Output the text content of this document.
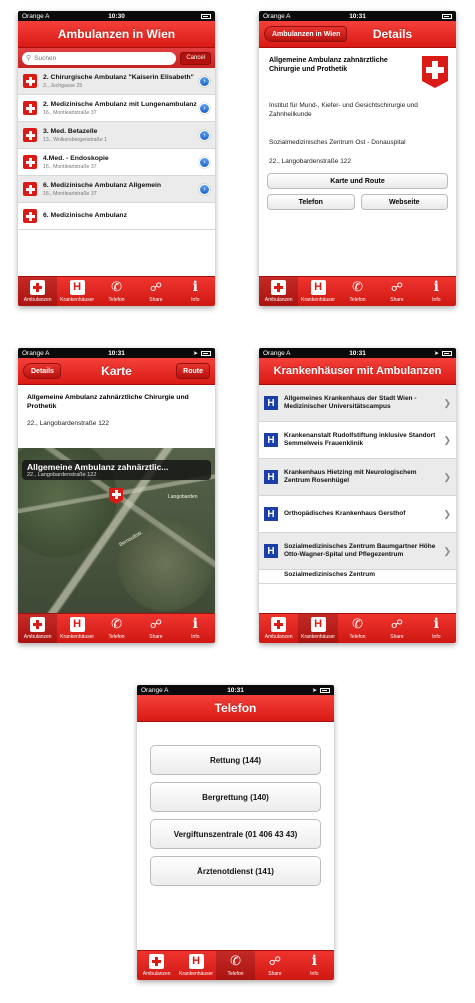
Orange A	10:30
Ambulanzen in Wien
⚲
Suchen	Cancel
2. Chirurgische Ambulanz "Kaiserin Elisabeth"
3., Juchgasse 25
›
2. Medizinische Ambulanz mit Lungenambulanz
16., Montleartstraße 37
›
3. Med. Betazelle
13., Wolkersbergenstraße 1
›
4.Med. - Endoskopie
16., Montleartstraße 37
›
6. Medizinische Ambulanz Allgemein
16., Montleartstraße 37
›
6. Medizinische Ambulanz
Ambulanzen
H
Krankenhäuser
✆
Telefon
☍
Share
i
Info
Orange A	10:31
Ambulanzen in Wien	Details
Allgemeine Ambulanz zahnärztliche Chirurgie und Prothetik
Institut für Mund-, Kiefer- und Gesichtschirurgie und Zahnheilkunde
Sozialmedizinisches Zentrum Ost - Donauspital
22., Langobardenstraße 122
Karte und Route
Telefon	Webseite
Ambulanzen
H
Krankenhäuser
✆
Telefon
☍
Share
i
Info
Orange A	10:31	➤
Details	Karte	Route
Allgemeine Ambulanz zahnärztliche Chirurgie und Prothetik
22., Langobardenstraße 122
Allgemeine Ambulanz zahnärztlic...
22., Langobardenstraße 122
Langobarden
Bernoullistr.
Ambulanzen
H
Krankenhäuser
✆
Telefon
☍
Share
i
Info
Orange A	10:31	➤
Krankenhäuser mit Ambulanzen
H	Allgemeines Krankenhaus der Stadt Wien - Medizinischer Universitätscampus	❯
H	Krankenanstalt Rudolfstiftung inklusive Standort Semmelweis Frauenklinik	❯
H	Krankenhaus Hietzing mit Neurologischem Zentrum Rosenhügel	❯
H	Orthopädisches Krankenhaus Gersthof	❯
H	Sozialmedizinisches Zentrum Baumgartner Höhe Otto-Wagner-Spital und Pflegezentrum	❯
Sozialmedizinisches Zentrum
Ambulanzen
H
Krankenhäuser
✆
Telefon
☍
Share
i
Info
Orange A	10:31	➤
Telefon
Rettung (144)
Bergrettung (140)
Vergiftunszentrale (01 406 43 43)
Ärztenotdienst (141)
Ambulanzen
H
Krankenhäuser
✆
Telefon
☍
Share
i
Info
